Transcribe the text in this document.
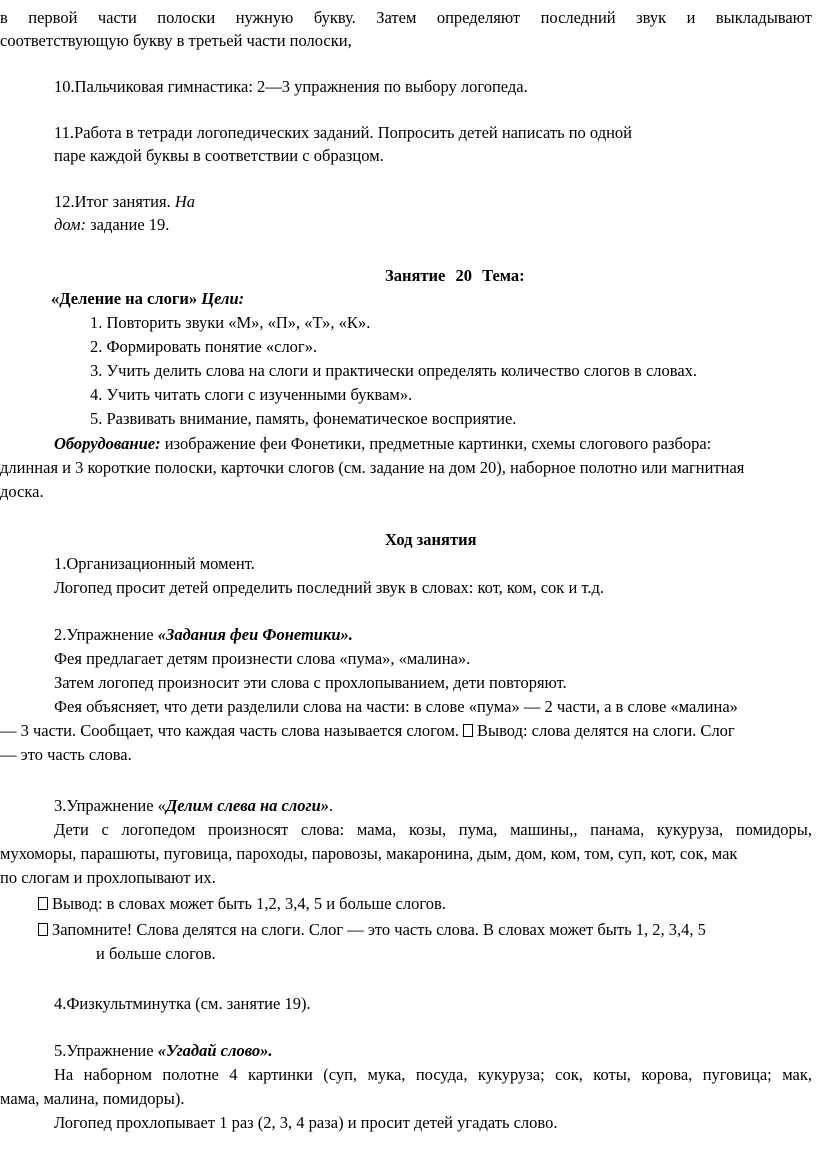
в первой части полоски нужную букву. Затем определяют последний звук и выкладывают
соответствующую букву в третьей части полоски,
10.Пальчиковая гимнастика: 2—3 упражнения по выбору логопеда.
11.Работа в тетради логопедических заданий. Попросить детей написать по одной
паре каждой буквы в соответствии с образцом.
12.Итог занятия. На
дом: задание 19.
Занятие 20 Тема:
«Деление на слоги» Цели:
1. Повторить звуки «М», «П», «Т», «К».
2. Формировать понятие «слог».
3. Учить делить слова на слоги и практически определять количество слогов в словах.
4. Учить читать слоги с изученными буквам».
5. Развивать внимание, память, фонематическое восприятие.
Оборудование: изображение феи Фонетики, предметные картинки, схемы слогового разбора:
длинная и 3 короткие полоски, карточки слогов (см. задание на дом 20), наборное полотно или магнитная
доска.
Ход занятия
1.Организационный момент.
Логопед просит детей определить последний звук в словах: кот, ком, сок и т.д.
2.Упражнение «Задания феи Фонетики».
Фея предлагает детям произнести слова «пума», «малина».
Затем логопед произносит эти слова с прохлопыванием, дети повторяют.
Фея объясняет, что дети разделили слова на части: в слове «пума» — 2 части, а в слове «малина»
— 3 части. Сообщает, что каждая часть слова называется слогом. Вывод: слова делятся на слоги. Слог
— это часть слова.
3.Упражнение «Делим слева на слоги».
Дети с логопедом произносят слова: мама, козы, пума, машины,, панама, кукуруза, помидоры,
мухоморы, парашюты, пуговица, пароходы, паровозы, макаронина, дым, дом, ком, том, суп, кот, сок, мак
по слогам и прохлопывают их.
Вывод: в словах может быть 1,2, 3,4, 5 и больше слогов.
Запомните! Слова делятся на слоги. Слог — это часть слова. В словах может быть 1, 2, 3,4, 5
и больше слогов.
4.Физкультминутка (см. занятие 19).
5.Упражнение «Угадай слово».
На наборном полотне 4 картинки (суп, мука, посуда, кукуруза; сок, коты, корова, пуговица; мак,
мама, малина, помидоры).
Логопед прохлопывает 1 раз (2, 3, 4 раза) и просит детей угадать слово.
